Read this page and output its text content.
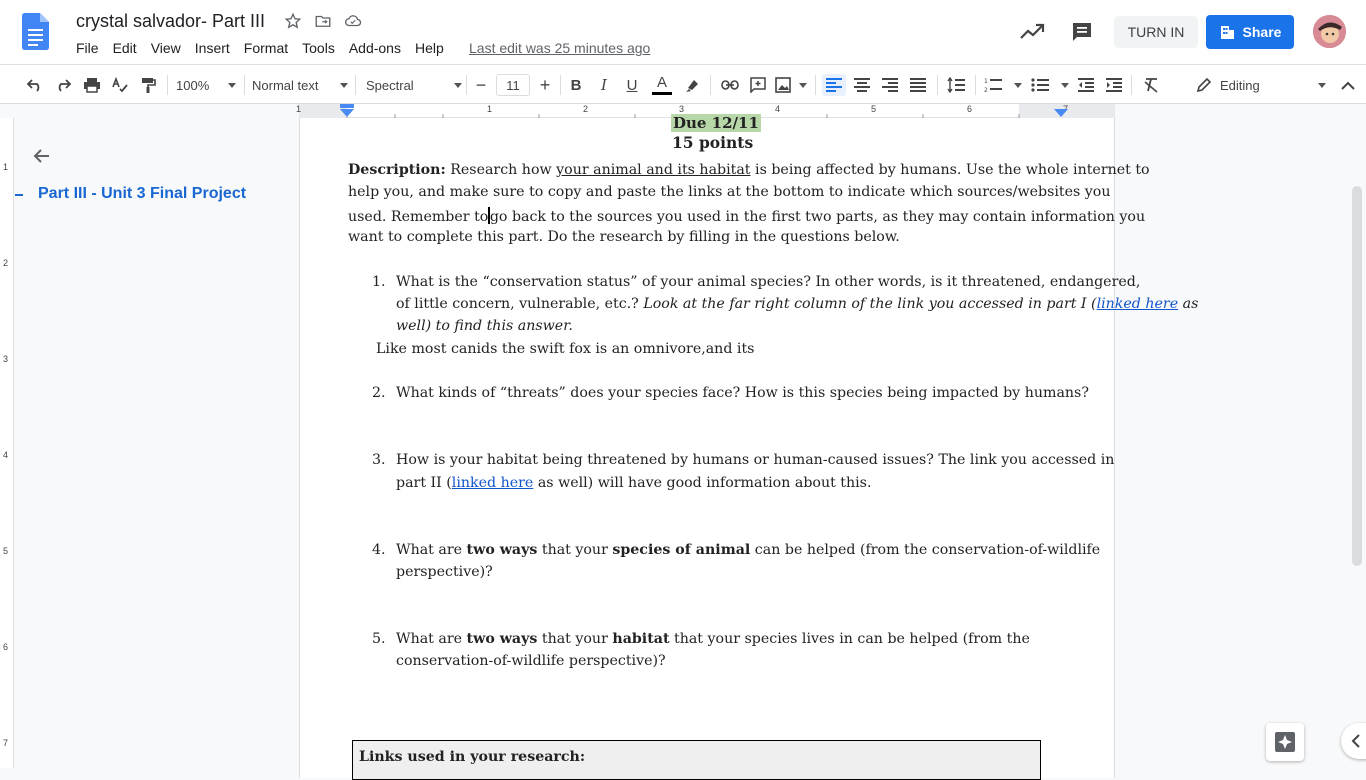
crystal salvador- Part III
File	Edit	View	Insert	Format	Tools	Add-ons	Help	Last edit was 25 minutes ago
TURN IN	Share
100%	Normal text	Spectral	−	11	+	B	I	U	A	1
2	Editing
1	1	2	3	4	5	6
1
2
3
4
5
6
7
Part III - Unit 3 Final Project
Due 12/11
15 points
Description: Research how your animal and its habitat is being affected by humans. Use the whole internet to
help you, and make sure to copy and paste the links at the bottom to indicate which sources/websites you
used. Remember to go back to the sources you used in the first two parts, as they may contain information you
want to complete this part. Do the research by filling in the questions below.
1. What is the “conservation status” of your animal species? In other words, is it threatened, endangered,
of little concern, vulnerable, etc.? Look at the far right column of the link you accessed in part I (linked here as
well) to find this answer.
Like most canids the swift fox is an omnivore,and its
2. What kinds of “threats” does your species face? How is this species being impacted by humans?
3. How is your habitat being threatened by humans or human-caused issues? The link you accessed in
part II (linked here as well) will have good information about this.
4. What are two ways that your species of animal can be helped (from the conservation-of-wildlife
perspective)?
5. What are two ways that your habitat that your species lives in can be helped (from the
conservation-of-wildlife perspective)?
Links used in your research:
